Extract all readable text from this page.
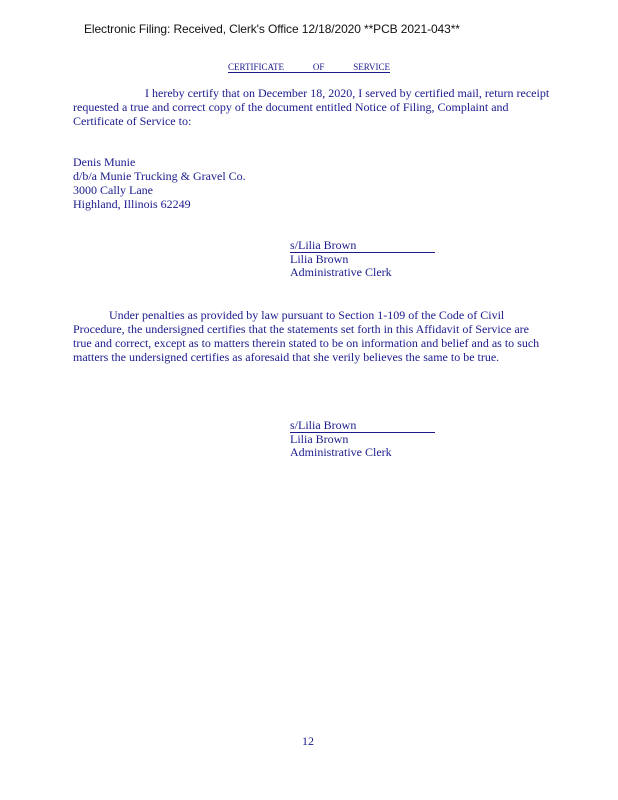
Electronic Filing: Received, Clerk's Office 12/18/2020 **PCB 2021-043**
CERTIFICATE	OF	SERVICE
I hereby certify that on December 18, 2020, I served by certified mail, return receipt
requested a true and correct copy of the document entitled Notice of Filing, Complaint and
Certificate of Service to:
Denis Munie
d/b/a Munie Trucking & Gravel Co.
3000 Cally Lane
Highland, Illinois 62249
s/Lilia Brown
Lilia Brown
Administrative Clerk
Under penalties as provided by law pursuant to Section 1-109 of the Code of Civil
Procedure, the undersigned certifies that the statements set forth in this Affidavit of Service are
true and correct, except as to matters therein stated to be on information and belief and as to such
matters the undersigned certifies as aforesaid that she verily believes the same to be true.
s/Lilia Brown
Lilia Brown
Administrative Clerk
12
